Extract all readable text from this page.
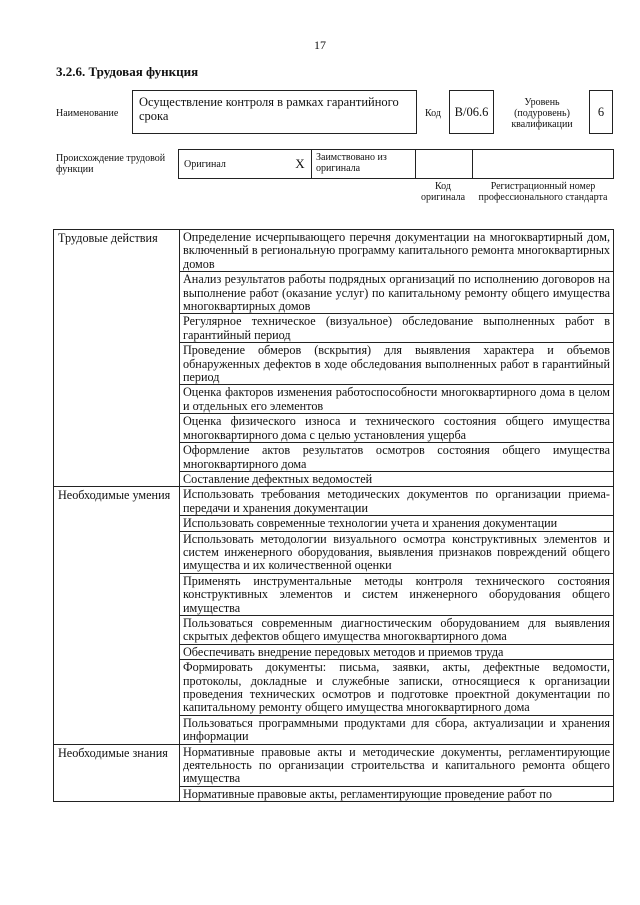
17
3.2.6. Трудовая функция
Наименование
Осуществление контроля в рамках гарантийного срока	Код	B/06.6
Уровень (подуровень) квалификации
6
Происхождение трудовой функции	Оригинал	X	Заимствовано из оригинала
Код оригинала
Регистрационный номер профессионального стандарта
Трудовые действия	Определение исчерпывающего перечня документации на многоквартирный дом, включенный в региональную программу капитального ремонта многоквартирных домов
	Анализ результатов работы подрядных организаций по исполнению договоров на выполнение работ (оказание услуг) по капитальному ремонту общего имущества многоквартирных домов
	Регулярное техническое (визуальное) обследование выполненных работ в гарантийный период
	Проведение обмеров (вскрытия) для выявления характера и объемов обнаруженных дефектов в ходе обследования выполненных работ в гарантийный период
	Оценка факторов изменения работоспособности многоквартирного дома в целом и отдельных его элементов
	Оценка физического износа и технического состояния общего имущества многоквартирного дома с целью установления ущерба
	Оформление актов результатов осмотров состояния общего имущества многоквартирного дома
	Составление дефектных ведомостей
Необходимые умения	Использовать требования методических документов по организации приема-передачи и хранения документации
	Использовать современные технологии учета и хранения документации
	Использовать методологии визуального осмотра конструктивных элементов и систем инженерного оборудования, выявления признаков повреждений общего имущества и их количественной оценки
	Применять инструментальные методы контроля технического состояния конструктивных элементов и систем инженерного оборудования общего имущества
	Пользоваться современным диагностическим оборудованием для выявления скрытых дефектов общего имущества многоквартирного дома
	Обеспечивать внедрение передовых методов и приемов труда
	Формировать документы: письма, заявки, акты, дефектные ведомости, протоколы, докладные и служебные записки, относящиеся к организации проведения технических осмотров и подготовке проектной документации по капитальному ремонту общего имущества многоквартирного дома
	Пользоваться программными продуктами для сбора, актуализации и хранения информации
Необходимые знания	Нормативные правовые акты и методические документы, регламентирующие деятельность по организации строительства и капитального ремонта общего имущества
	Нормативные правовые акты, регламентирующие проведение работ по
